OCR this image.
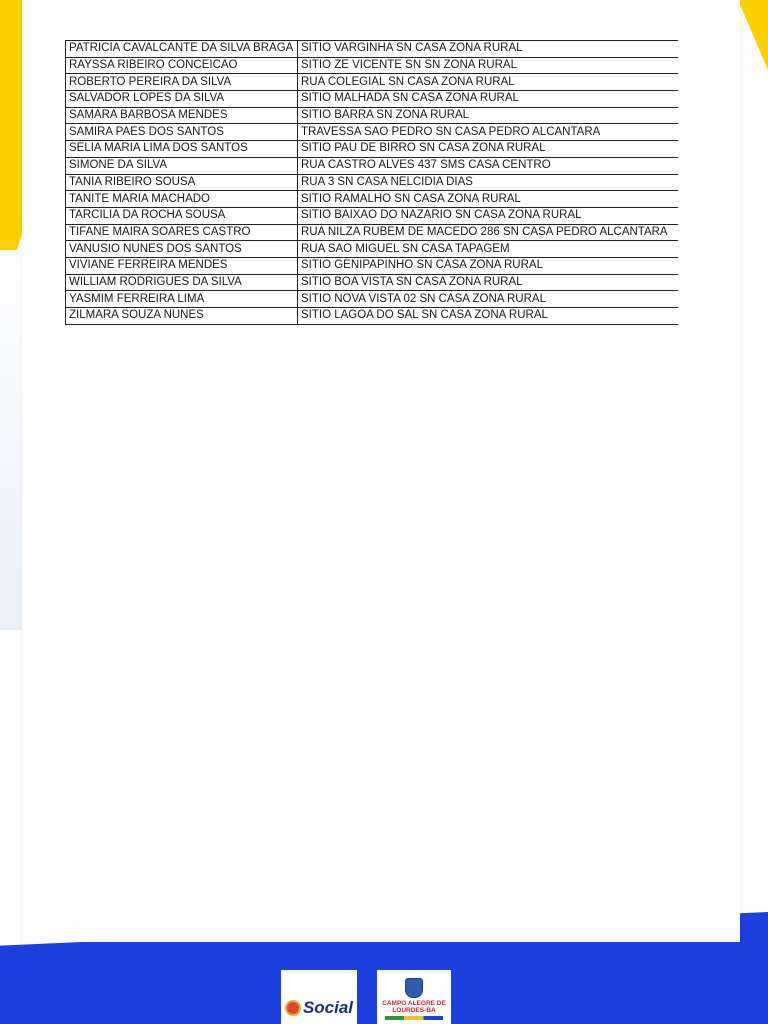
PATRICIA CAVALCANTE DA SILVA BRAGA	SITIO VARGINHA SN CASA ZONA RURAL
RAYSSA RIBEIRO CONCEICAO	SITIO ZE VICENTE SN SN ZONA RURAL
ROBERTO PEREIRA DA SILVA	RUA COLEGIAL SN CASA ZONA RURAL
SALVADOR LOPES DA SILVA	SITIO MALHADA SN CASA ZONA RURAL
SAMARA BARBOSA MENDES	SITIO BARRA SN ZONA RURAL
SAMIRA PAES DOS SANTOS	TRAVESSA SAO PEDRO SN CASA PEDRO ALCANTARA
SELIA MARIA LIMA DOS SANTOS	SITIO PAU DE BIRRO SN CASA ZONA RURAL
SIMONE DA SILVA	RUA CASTRO ALVES 437 SMS CASA CENTRO
TANIA RIBEIRO SOUSA	RUA 3 SN CASA NELCIDIA DIAS
TANITE MARIA MACHADO	SITIO RAMALHO SN CASA ZONA RURAL
TARCILIA DA ROCHA SOUSA	SITIO BAIXAO DO NAZARIO SN CASA ZONA RURAL
TIFANE MAIRA SOARES CASTRO	RUA NILZA RUBEM DE MACEDO 286 SN CASA PEDRO ALCANTARA
VANUSIO NUNES DOS SANTOS	RUA SAO MIGUEL SN CASA TAPAGEM
VIVIANE FERREIRA MENDES	SITIO GENIPAPINHO SN CASA ZONA RURAL
WILLIAM RODRIGUES DA SILVA	SITIO BOA VISTA SN CASA ZONA RURAL
YASMIM FERREIRA LIMA	SITIO NOVA VISTA 02 SN CASA ZONA RURAL
ZILMARA SOUZA NUNES	SITIO LAGOA DO SAL SN CASA ZONA RURAL
Social	CAMPO ALEGRE DE LOURDES-BA
